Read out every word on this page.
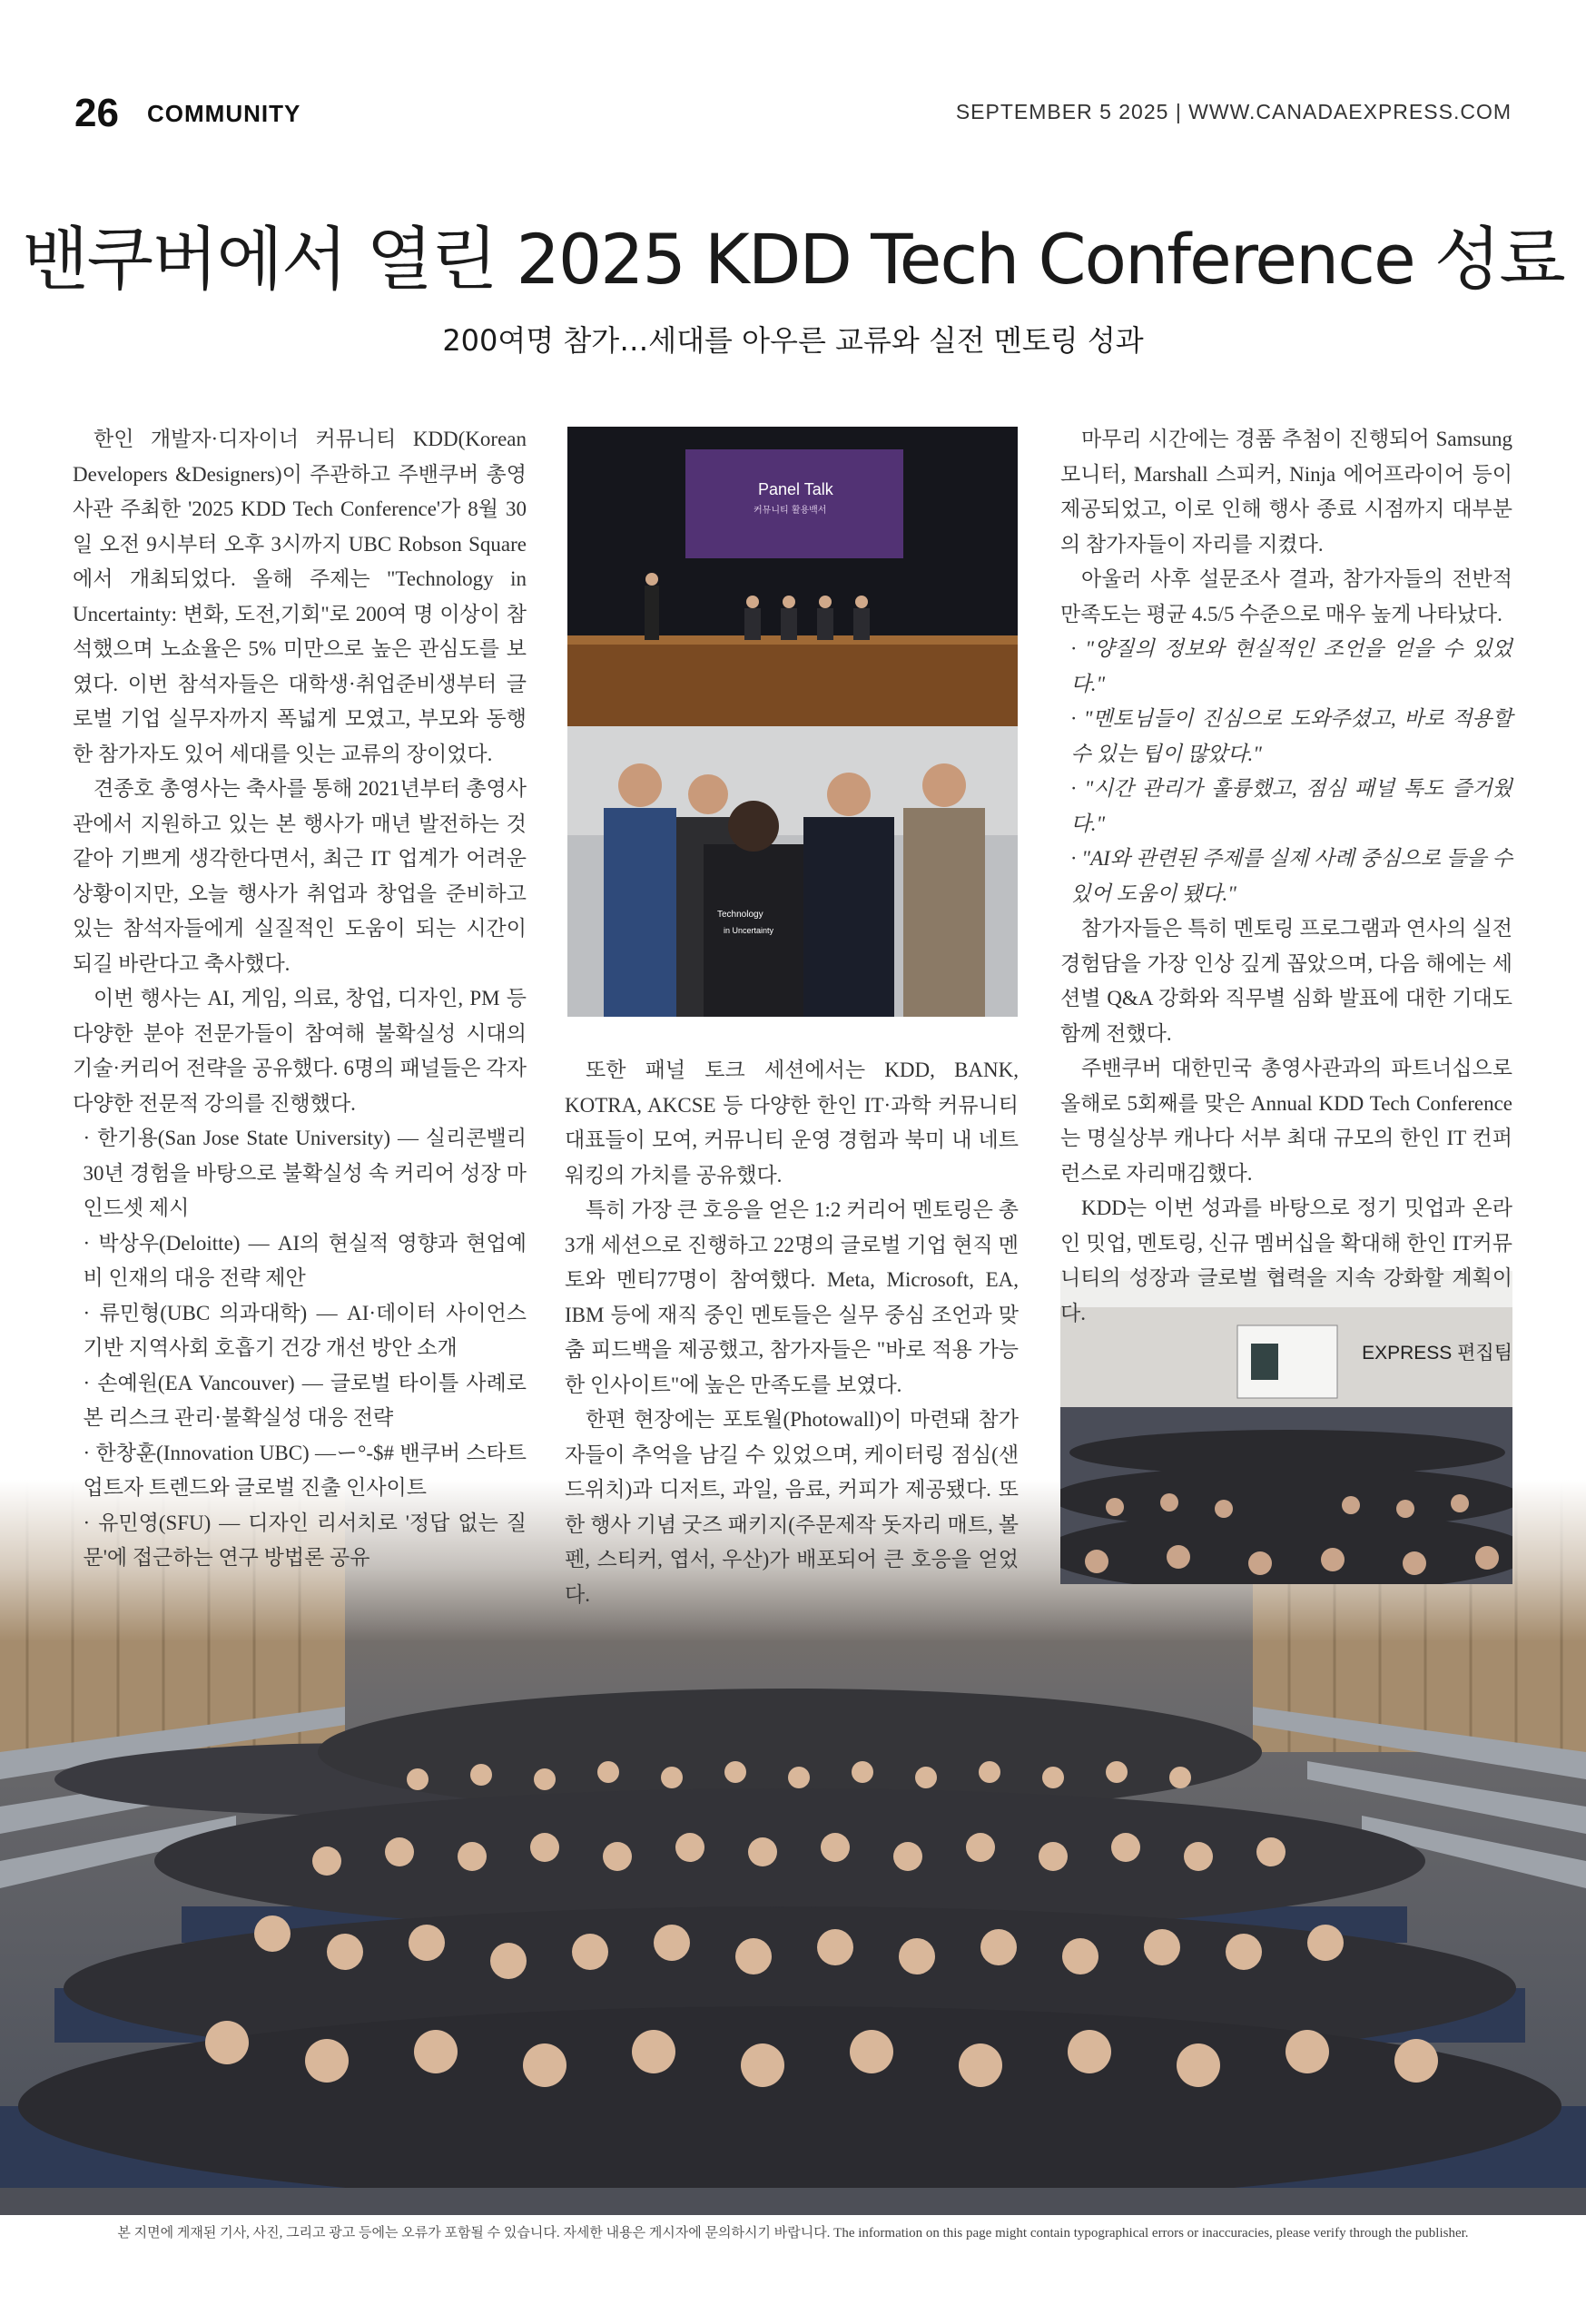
26 COMMUNITY	SEPTEMBER 5 2025 | WWW.CANADAEXPRESS.COM
밴쿠버에서 열린 2025 KDD Tech Conference 성료
200여명 참가…세대를 아우른 교류와 실전 멘토링 성과

한인 개발자·디자이너 커뮤니티 KDD(Korean Developers &Designers)이 주관하고 주밴쿠버 총영사관 주최한 '2025 KDD Tech Conference'가 8월 30일 오전 9시부터 오후 3시까지 UBC Robson Square에서 개최되었다. 올해 주제는 "Technology in Uncertainty: 변화, 도전,기회"로 200여 명 이상이 참석했으며 노쇼율은 5% 미만으로 높은 관심도를 보였다. 이번 참석자들은 대학생·취업준비생부터 글로벌 기업 실무자까지 폭넓게 모였고, 부모와 동행한 참가자도 있어 세대를 잇는 교류의 장이었다.

견종호 총영사는 축사를 통해 2021년부터 총영사관에서 지원하고 있는 본 행사가 매년 발전하는 것 같아 기쁘게 생각한다면서, 최근 IT 업계가 어려운 상황이지만, 오늘 행사가 취업과 창업을 준비하고 있는 참석자들에게 실질적인 도움이 되는 시간이 되길 바란다고 축사했다.

이번 행사는 AI, 게임, 의료, 창업, 디자인, PM 등 다양한 분야 전문가들이 참여해 불확실성 시대의 기술·커리어 전략을 공유했다. 6명의 패널들은 각자 다양한 전문적 강의를 진행했다.

· 한기용(San Jose State University) — 실리콘밸리 30년 경험을 바탕으로 불확실성 속 커리어 성장 마인드셋 제시

· 박상우(Deloitte) — AI의 현실적 영향과 현업예비 인재의 대응 전략 제안

· 류민형(UBC 의과대학) — AI·데이터 사이언스 기반 지역사회 호흡기 건강 개선 방안 소개

· 손예원(EA Vancouver) — 글로벌 타이틀 사례로 본 리스크 관리·불확실성 대응 전략

· 한창훈(Innovation UBC) —ー°-$# 밴쿠버 스타트업트자 트렌드와 글로벌 진출 인사이트

· 유민영(SFU) — 디자인 리서치로 '정답 없는 질문'에 접근하는 연구 방법론 공유

Panel Talk
커뮤니티 활용백서
Technology
in Uncertainty

또한 패널 토크 세션에서는 KDD, BANK, KOTRA, AKCSE 등 다양한 한인 IT·과학 커뮤니티 대표들이 모여, 커뮤니티 운영 경험과 북미 내 네트워킹의 가치를 공유했다.

특히 가장 큰 호응을 얻은 1:2 커리어 멘토링은 총 3개 세션으로 진행하고 22명의 글로벌 기업 현직 멘토와 멘티77명이 참여했다. Meta, Microsoft, EA, IBM 등에 재직 중인 멘토들은 실무 중심 조언과 맞춤 피드백을 제공했고, 참가자들은 "바로 적용 가능한 인사이트"에 높은 만족도를 보였다.

한편 현장에는 포토월(Photowall)이 마련돼 참가자들이 추억을 남길 수 있었으며, 케이터링 점심(샌드위치)과 디저트, 과일, 음료, 커피가 제공됐다. 또한 행사 기념 굿즈 패키지(주문제작 돗자리 매트, 볼펜, 스티커, 엽서, 우산)가 배포되어 큰 호응을 얻었다.

마무리 시간에는 경품 추첨이 진행되어 Samsung 모니터, Marshall 스피커, Ninja 에어프라이어 등이 제공되었고, 이로 인해 행사 종료 시점까지 대부분의 참가자들이 자리를 지켰다.

아울러 사후 설문조사 결과, 참가자들의 전반적 만족도는 평균 4.5/5 수준으로 매우 높게 나타났다.

· "양질의 정보와 현실적인 조언을 얻을 수 있었다."

· "멘토님들이 진심으로 도와주셨고, 바로 적용할 수 있는 팁이 많았다."

· "시간 관리가 훌륭했고, 점심 패널 톡도 즐거웠다."

· "AI와 관련된 주제를 실제 사례 중심으로 들을 수 있어 도움이 됐다."

참가자들은 특히 멘토링 프로그램과 연사의 실전 경험담을 가장 인상 깊게 꼽았으며, 다음 해에는 세션별 Q&A 강화와 직무별 심화 발표에 대한 기대도 함께 전했다.

주밴쿠버 대한민국 총영사관과의 파트너십으로 올해로 5회째를 맞은 Annual KDD Tech Conference는 명실상부 캐나다 서부 최대 규모의 한인 IT 컨퍼런스로 자리매김했다.

KDD는 이번 성과를 바탕으로 정기 밋업과 온라인 밋업, 멘토링, 신규 멤버십을 확대해 한인 IT커뮤니티의 성장과 글로벌 협력을 지속 강화할 계획이다.

EXPRESS 편집팀

본 지면에 게재된 기사, 사진, 그리고 광고 등에는 오류가 포함될 수 있습니다. 자세한 내용은 게시자에 문의하시기 바랍니다. The information on this page might contain typographical errors or inaccuracies, please verify through the publisher.
